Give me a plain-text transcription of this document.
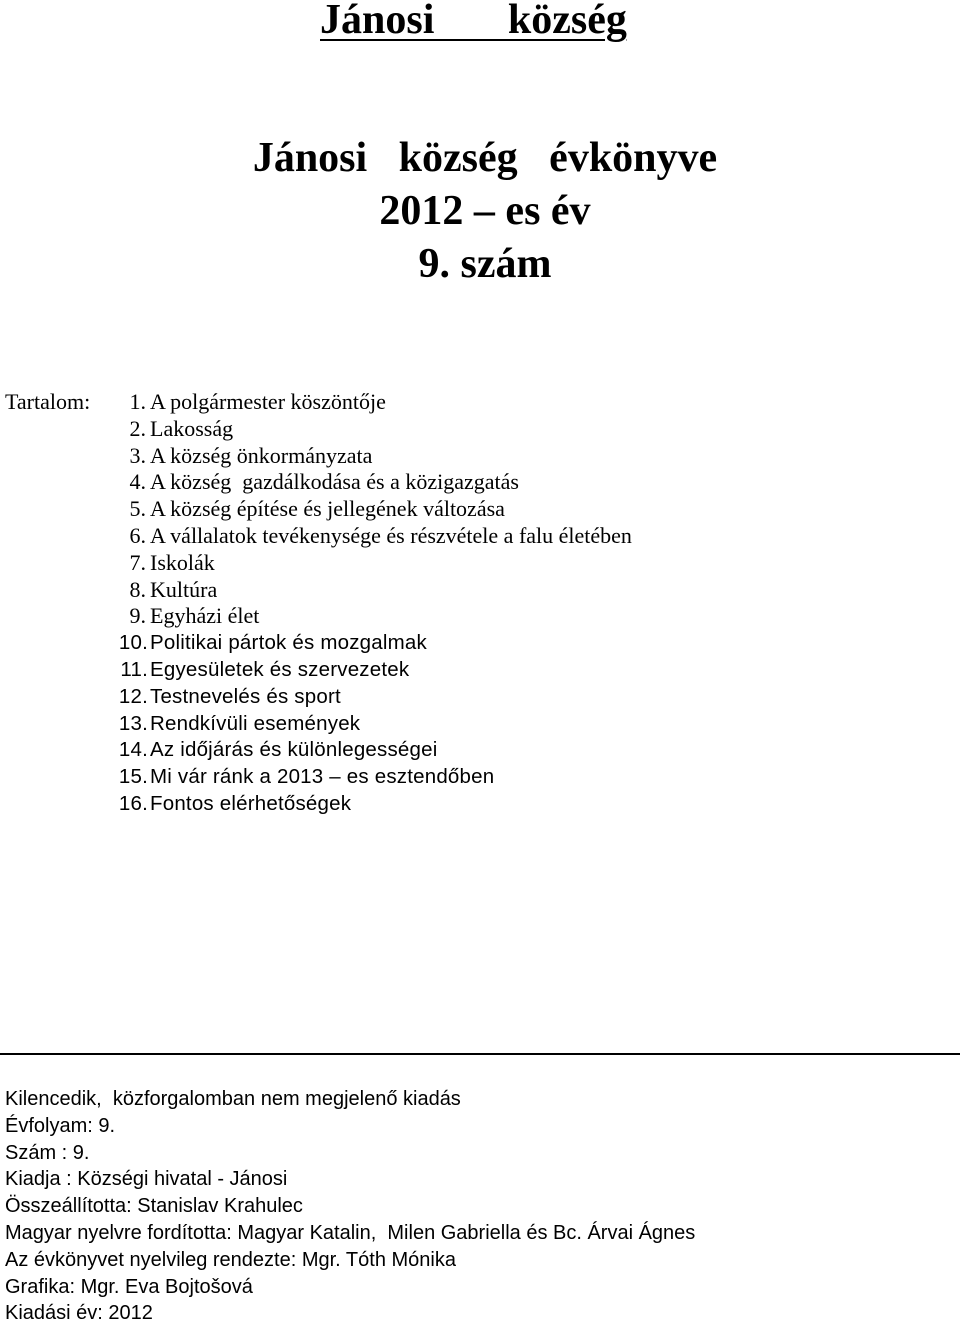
Jánosi       község
Jánosi   község   évkönyve
2012 – es év
9. szám
Tartalom: 1. A polgármester köszöntője
2. Lakosság
3. A község önkormányzata
4. A község  gazdálkodása és a közigazgatás
5. A község építése és jellegének változása
6. A vállalatok tevékenysége és részvétele a falu életében
7. Iskolák
8. Kultúra
9. Egyházi élet
10. Politikai pártok és mozgalmak
11. Egyesületek és szervezetek
12. Testnevelés és sport
13. Rendkívüli események
14. Az időjárás és különlegességei
15. Mi vár ránk a 2013 – es esztendőben
16. Fontos elérhetőségek
Kilencedik,  közforgalomban nem megjelenő kiadás
Évfolyam: 9.
Szám : 9.
Kiadja : Községi hivatal - Jánosi
Összeállította: Stanislav Krahulec
Magyar nyelvre fordította: Magyar Katalin,  Milen Gabriella és Bc. Árvai Ágnes
Az évkönyvet nyelvileg rendezte: Mgr. Tóth Mónika
Grafika: Mgr. Eva Bojtošová
Kiadási év: 2012
